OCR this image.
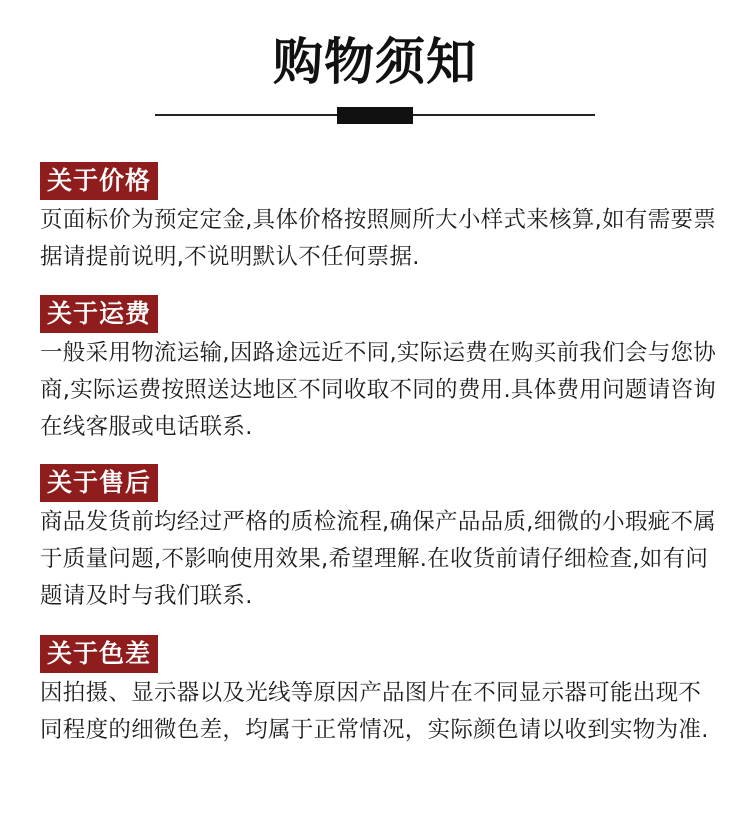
购物须知
关于价格
页面标价为预定定金,具体价格按照厕所大小样式来核算,如有需要票据请提前说明,不说明默认不任何票据.
关于运费
一般采用物流运输,因路途远近不同,实际运费在购买前我们会与您协商,实际运费按照送达地区不同收取不同的费用.具体费用问题请咨询在线客服或电话联系.
关于售后
商品发货前均经过严格的质检流程,确保产品品质,细微的小瑕疵不属于质量问题,不影响使用效果,希望理解.在收货前请仔细检查,如有问题请及时与我们联系.
关于色差
因拍摄、显示器以及光线等原因产品图片在不同显示器可能出现不同程度的细微色差，均属于正常情况，实际颜色请以收到实物为准.
